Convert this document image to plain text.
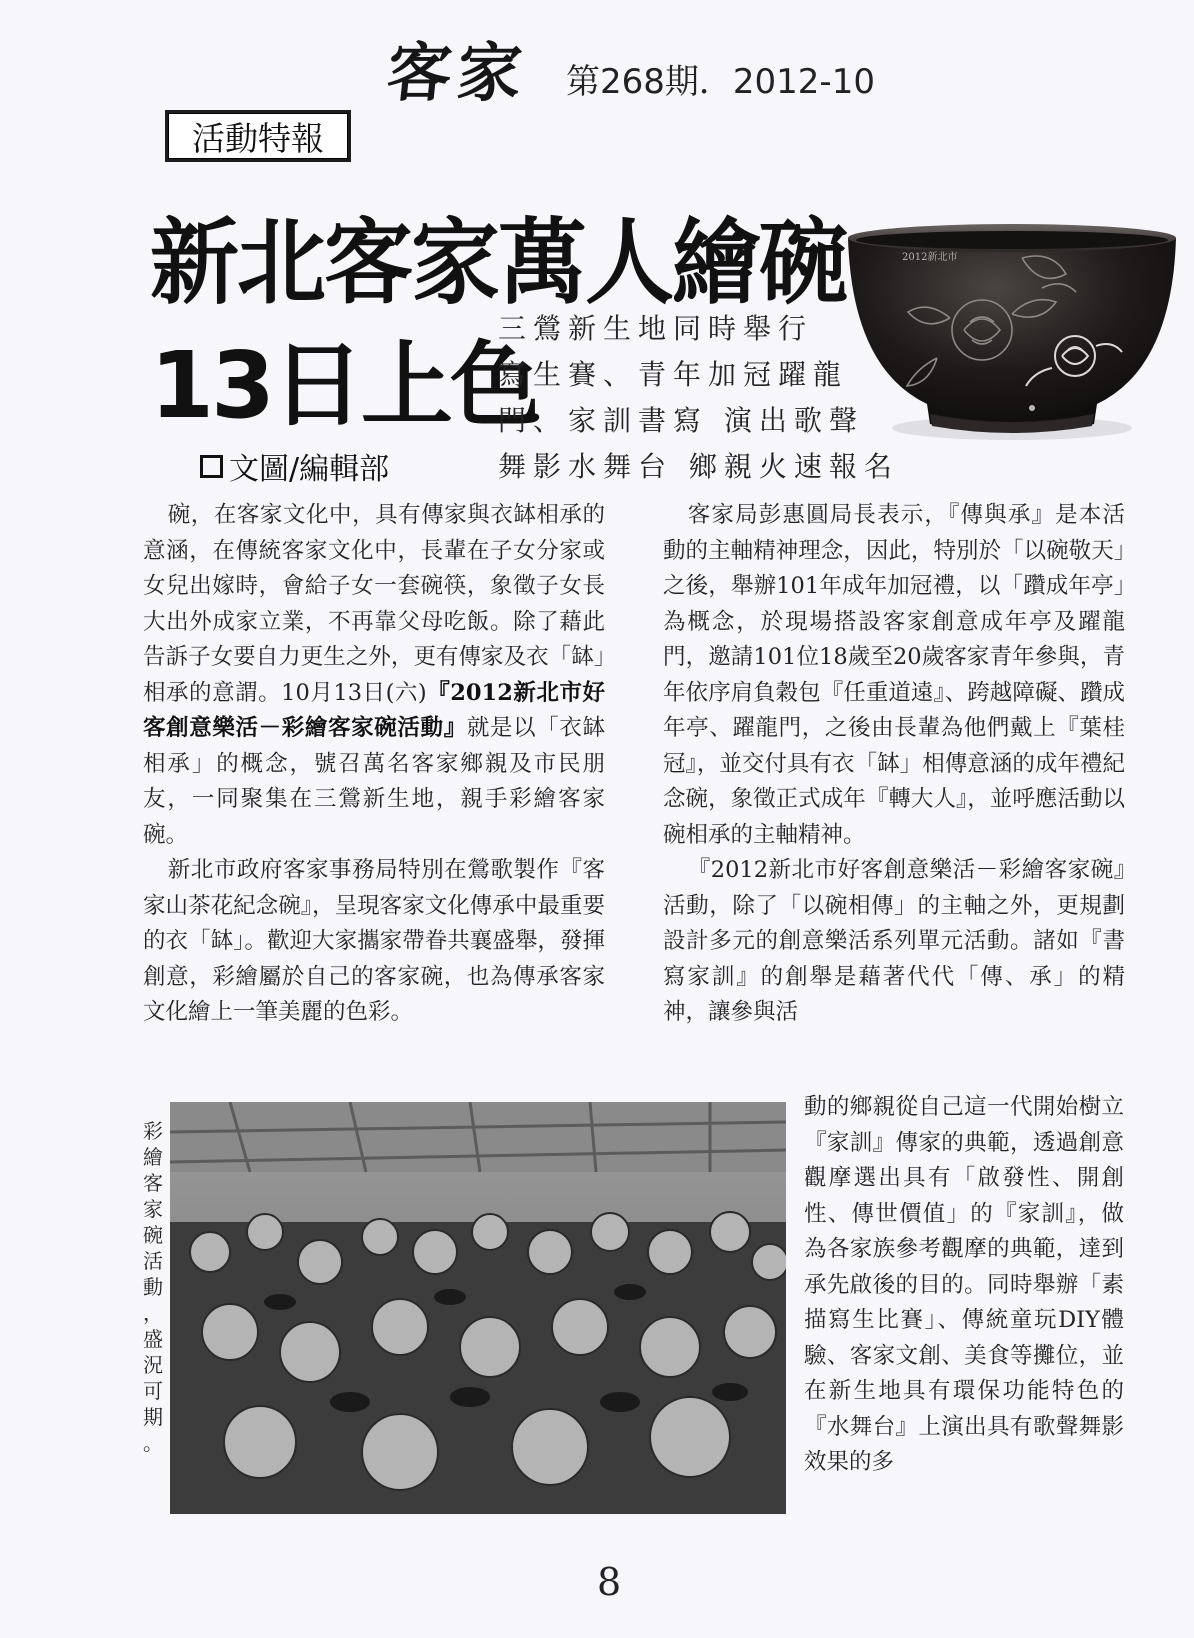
客家 第268期．2012-10
活動特報
新北客家萬人繪碗
13日上色
三鶯新生地同時舉行
寫生賽、青年加冠躍龍
門、家訓書寫 演出歌聲
舞影水舞台 鄉親火速報名
文圖/編輯部
2012新北市

碗，在客家文化中，具有傳家與衣缽相承的意涵，在傳統客家文化中，長輩在子女分家或女兒出嫁時，會給子女一套碗筷，象徵子女長大出外成家立業，不再靠父母吃飯。除了藉此告訴子女要自力更生之外，更有傳家及衣「缽」相承的意謂。10月13日(六)『2012新北市好客創意樂活－彩繪客家碗活動』就是以「衣缽相承」的概念，號召萬名客家鄉親及市民朋友，一同聚集在三鶯新生地，親手彩繪客家碗。

新北市政府客家事務局特別在鶯歌製作『客家山茶花紀念碗』，呈現客家文化傳承中最重要的衣「缽」。歡迎大家攜家帶眷共襄盛舉，發揮創意，彩繪屬於自己的客家碗，也為傳承客家文化繪上一筆美麗的色彩。

客家局彭惠圓局長表示，『傳與承』是本活動的主軸精神理念，因此，特別於「以碗敬天」之後，舉辦101年成年加冠禮，以「躦成年亭」為概念，於現場搭設客家創意成年亭及躍龍門，邀請101位18歲至20歲客家青年參與，青年依序肩負穀包『任重道遠』、跨越障礙、躦成年亭、躍龍門，之後由長輩為他們戴上『葉桂冠』，並交付具有衣「缽」相傳意涵的成年禮紀念碗，象徵正式成年『轉大人』，並呼應活動以碗相承的主軸精神。

『2012新北市好客創意樂活－彩繪客家碗』活動，除了「以碗相傳」的主軸之外，更規劃設計多元的創意樂活系列單元活動。諸如『書寫家訓』的創舉是藉著代代「傳、承」的精神，讓參與活

動的鄉親從自己這一代開始樹立『家訓』傳家的典範，透過創意觀摩選出具有「啟發性、開創性、傳世價值」的『家訓』，做為各家族參考觀摩的典範，達到承先啟後的目的。同時舉辦「素描寫生比賽」、傳統童玩DIY體驗、客家文創、美食等攤位，並在新生地具有環保功能特色的『水舞台』上演出具有歌聲舞影效果的多

彩
繪
客
家
碗
活
動
，
盛
況
可
期
。
8
